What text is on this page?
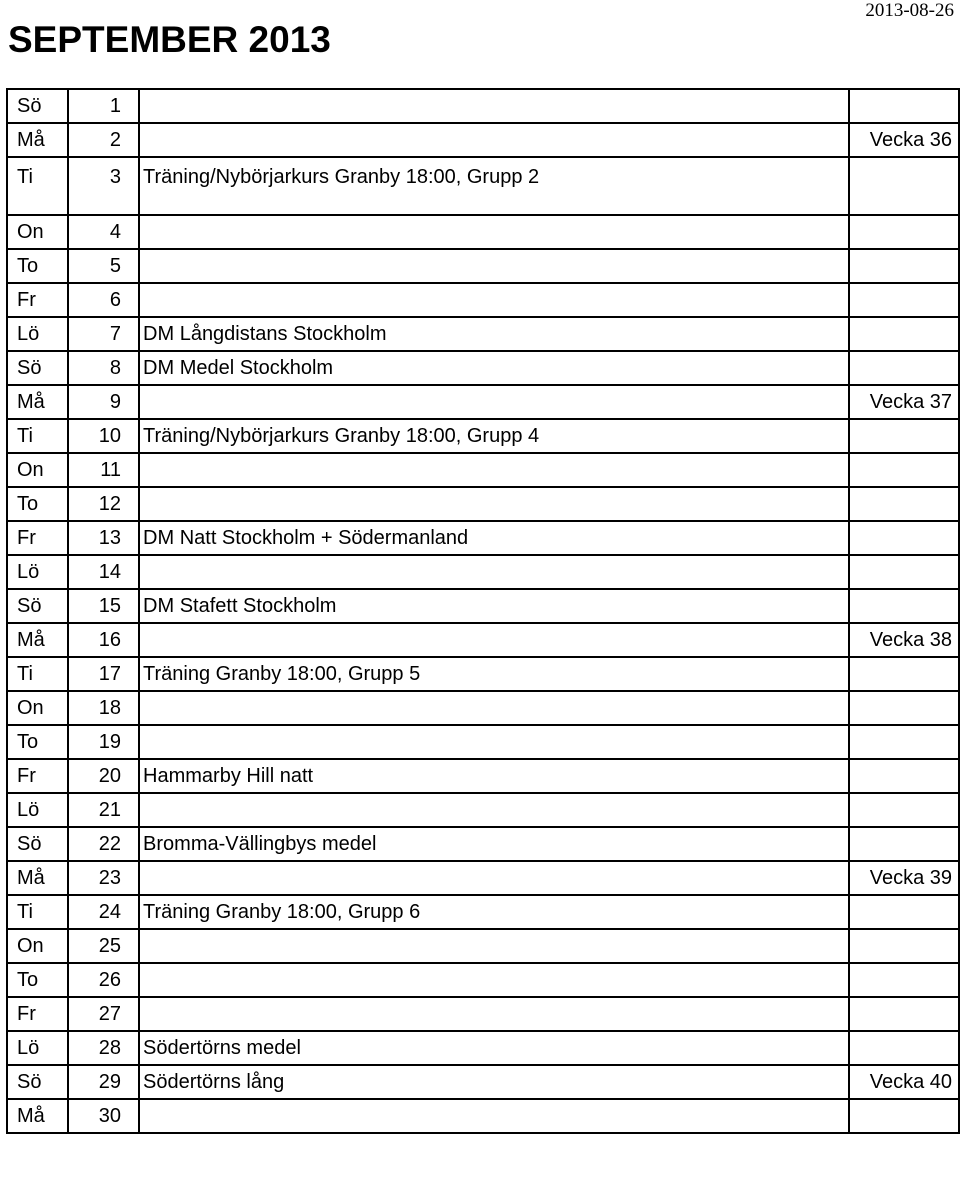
SEPTEMBER 2013
2013-08-26
Sö	1		
Må	2		Vecka 36
Ti	3	Träning/Nybörjarkurs Granby 18:00, Grupp 2	
On	4		
To	5		
Fr	6		
Lö	7	DM Långdistans Stockholm	
Sö	8	DM Medel Stockholm	
Må	9		Vecka 37
Ti	10	Träning/Nybörjarkurs Granby 18:00, Grupp 4	
On	11		
To	12		
Fr	13	DM Natt Stockholm + Södermanland	
Lö	14		
Sö	15	DM Stafett Stockholm	
Må	16		Vecka 38
Ti	17	Träning Granby 18:00, Grupp 5	
On	18		
To	19		
Fr	20	Hammarby Hill natt	
Lö	21		
Sö	22	Bromma-Vällingbys medel	
Må	23		Vecka 39
Ti	24	Träning Granby 18:00, Grupp 6	
On	25		
To	26		
Fr	27		
Lö	28	Södertörns medel	
Sö	29	Södertörns lång	Vecka 40
Må	30		
